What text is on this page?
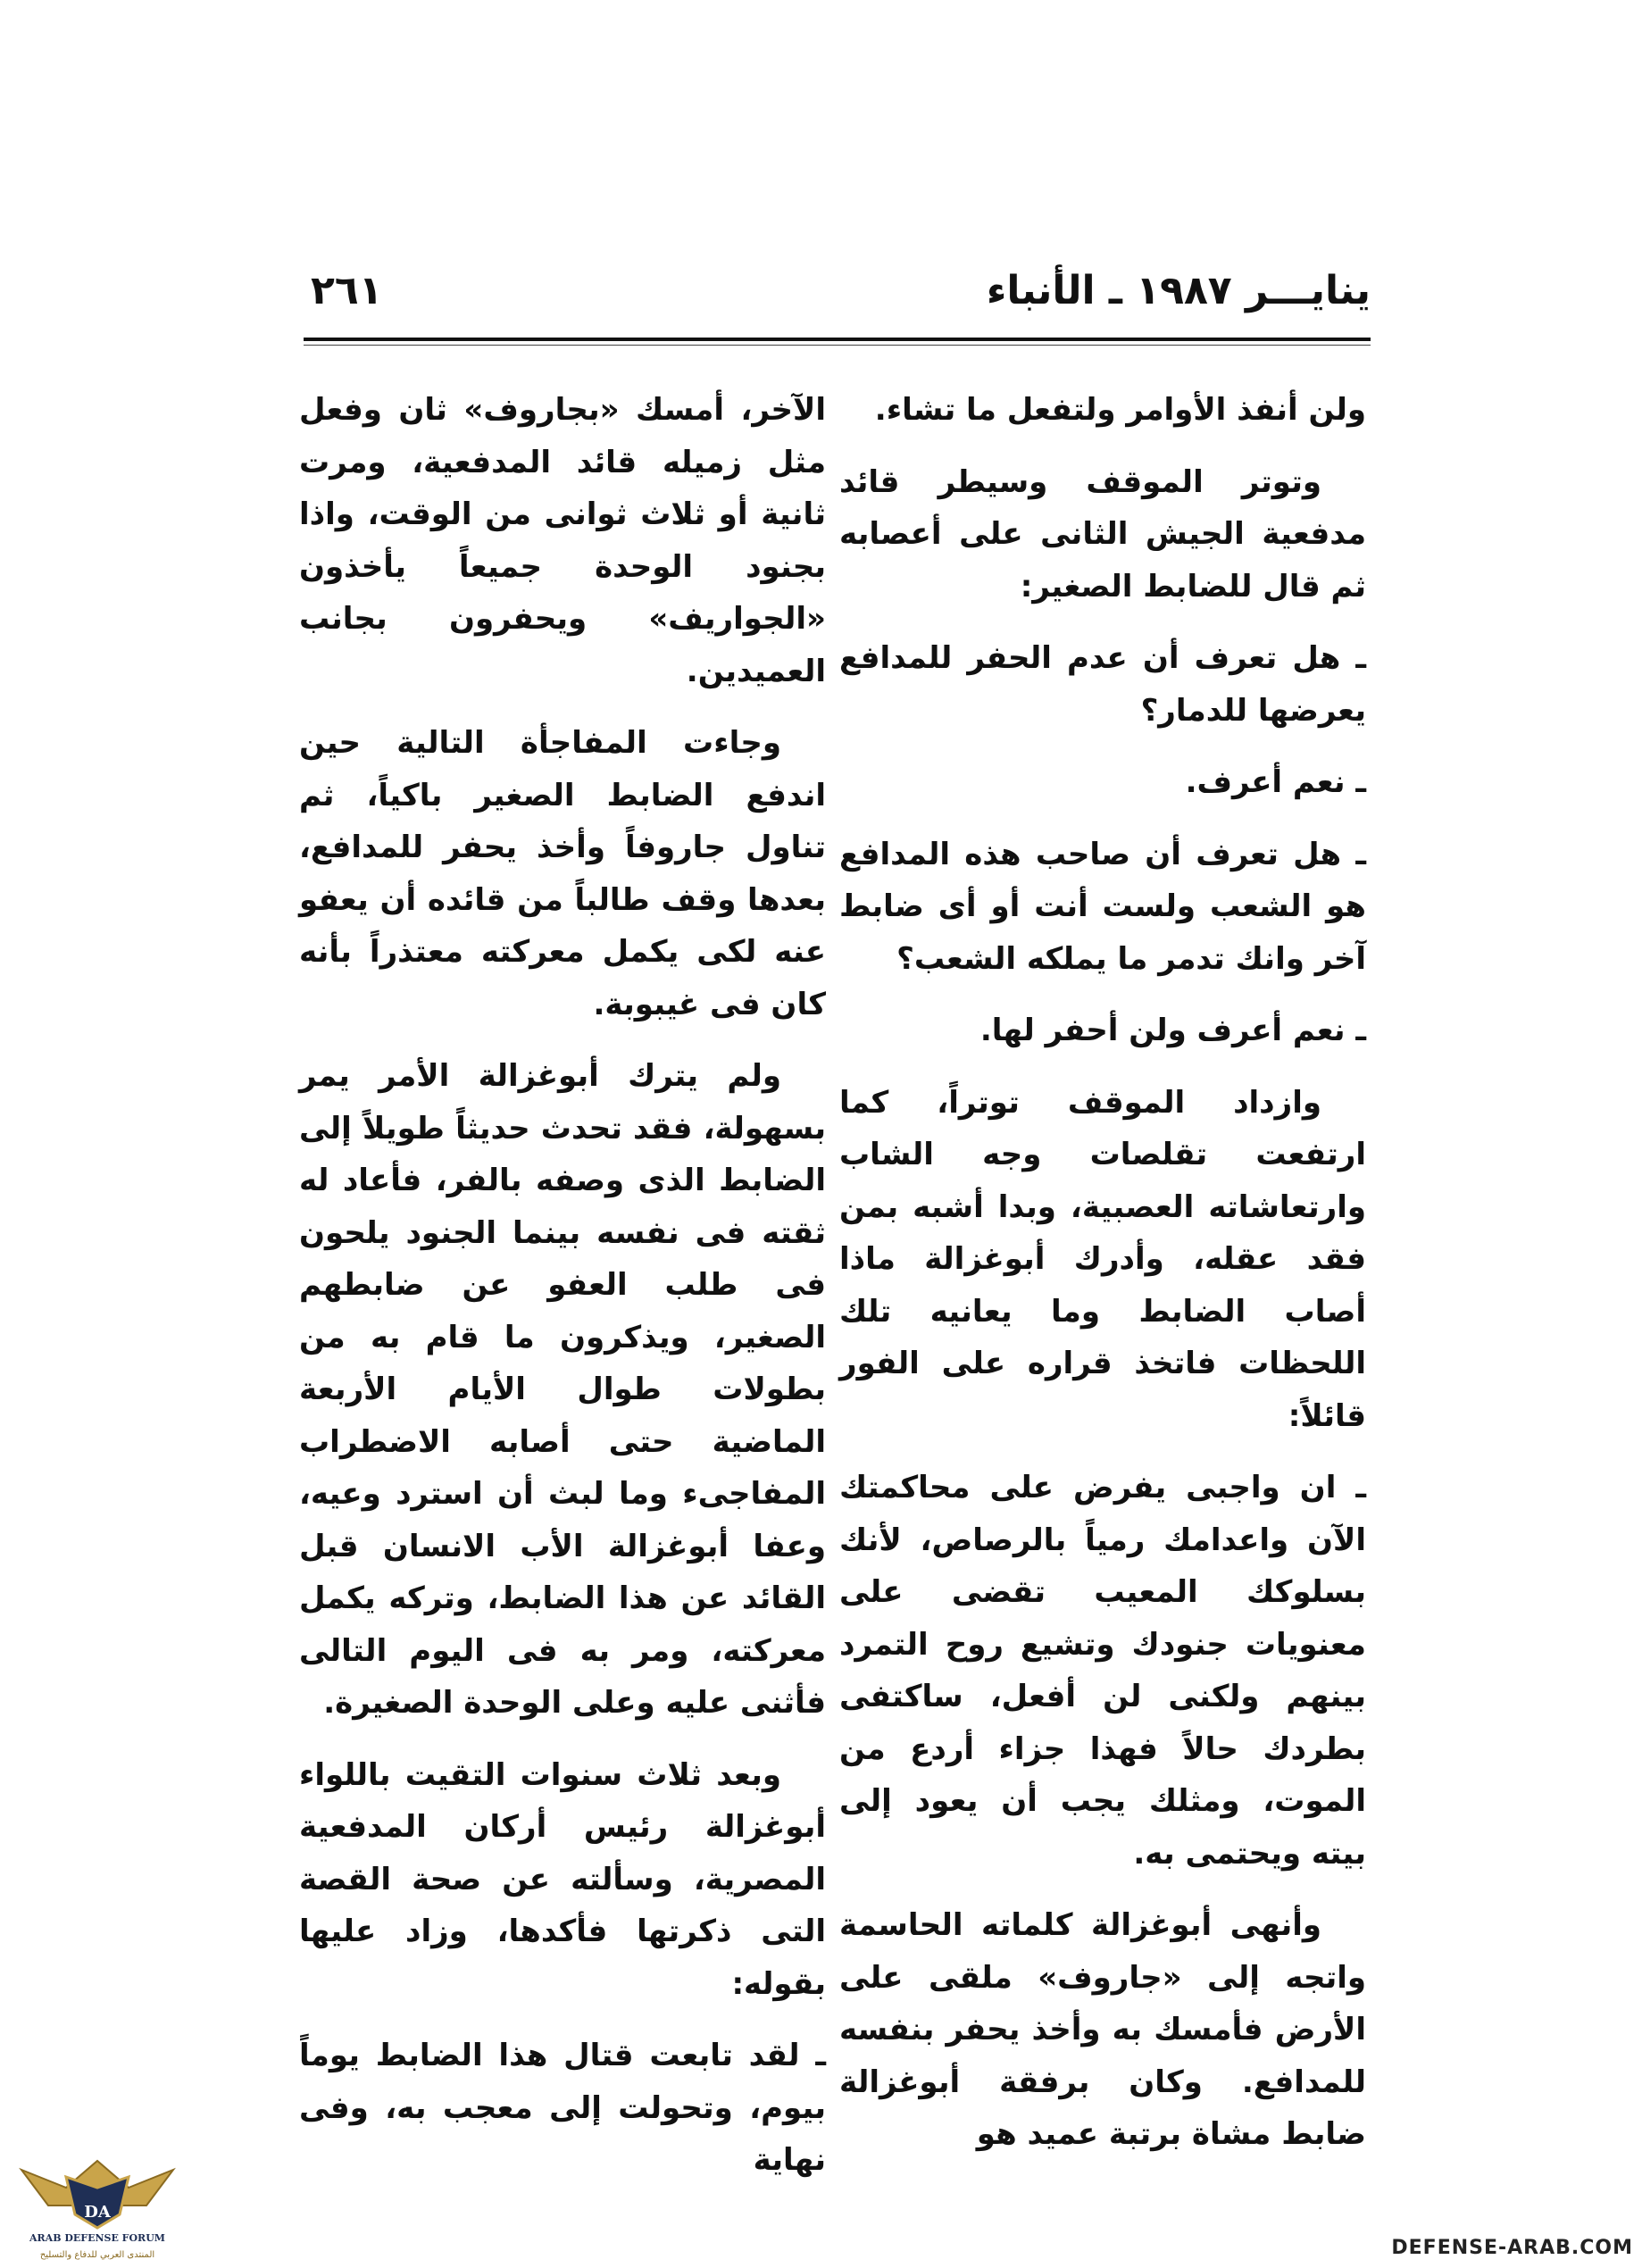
ينايـــر ١٩٨٧ ـ الأنباء
٢٦١

ولن أنفذ الأوامر ولتفعل ما تشاء.

وتوتر الموقف وسيطر قائد مدفعية الجيش الثانى على أعصابه ثم قال للضابط الصغير:

ـ هل تعرف أن عدم الحفر للمدافع يعرضها للدمار؟

ـ نعم أعرف.

ـ هل تعرف أن صاحب هذه المدافع هو الشعب ولست أنت أو أى ضابط آخر وانك تدمر ما يملكه الشعب؟

ـ نعم أعرف ولن أحفر لها.

وازداد الموقف توتراً، كما ارتفعت تقلصات وجه الشاب وارتعاشاته العصبية، وبدا أشبه بمن فقد عقله، وأدرك أبوغزالة ماذا أصاب الضابط وما يعانيه تلك اللحظات فاتخذ قراره على الفور قائلاً:

ـ ان واجبى يفرض على محاكمتك الآن واعدامك رمياً بالرصاص، لأنك بسلوكك المعيب تقضى على معنويات جنودك وتشيع روح التمرد بينهم ولكنى لن أفعل، ساكتفى بطردك حالاً فهذا جزاء أردع من الموت، ومثلك يجب أن يعود إلى بيته ويحتمى به.

وأنهى أبوغزالة كلماته الحاسمة واتجه إلى «جاروف» ملقى على الأرض فأمسك به وأخذ يحفر بنفسه للمدافع. وكان برفقة أبوغزالة ضابط مشاة برتبة عميد هو

الآخر، أمسك «بجاروف» ثان وفعل مثل زميله قائد المدفعية، ومرت ثانية أو ثلاث ثوانى من الوقت، واذا بجنود الوحدة جميعاً يأخذون «الجواريف» ويحفرون بجانب العميدين.

وجاءت المفاجأة التالية حين اندفع الضابط الصغير باكياً، ثم تناول جاروفاً وأخذ يحفر للمدافع، بعدها وقف طالباً من قائده أن يعفو عنه لكى يكمل معركته معتذراً بأنه كان فى غيبوبة.

ولم يترك أبوغزالة الأمر يمر بسهولة، فقد تحدث حديثاً طويلاً إلى الضابط الذى وصفه بالفر، فأعاد له ثقته فى نفسه بينما الجنود يلحون فى طلب العفو عن ضابطهم الصغير، ويذكرون ما قام به من بطولات طوال الأيام الأربعة الماضية حتى أصابه الاضطراب المفاجىء وما لبث أن استرد وعيه، وعفا أبوغزالة الأب الانسان قبل القائد عن هذا الضابط، وتركه يكمل معركته، ومر به فى اليوم التالى فأثنى عليه وعلى الوحدة الصغيرة.

وبعد ثلاث سنوات التقيت باللواء أبوغزالة رئيس أركان المدفعية المصرية، وسألته عن صحة القصة التى ذكرتها فأكدها، وزاد عليها بقوله:

ـ لقد تابعت قتال هذا الضابط يوماً بيوم، وتحولت إلى معجب به، وفى نهاية

DA
ARAB DEFENSE FORUM
المنتدى العربي للدفاع والتسليح	DEFENSE-ARAB.COM
